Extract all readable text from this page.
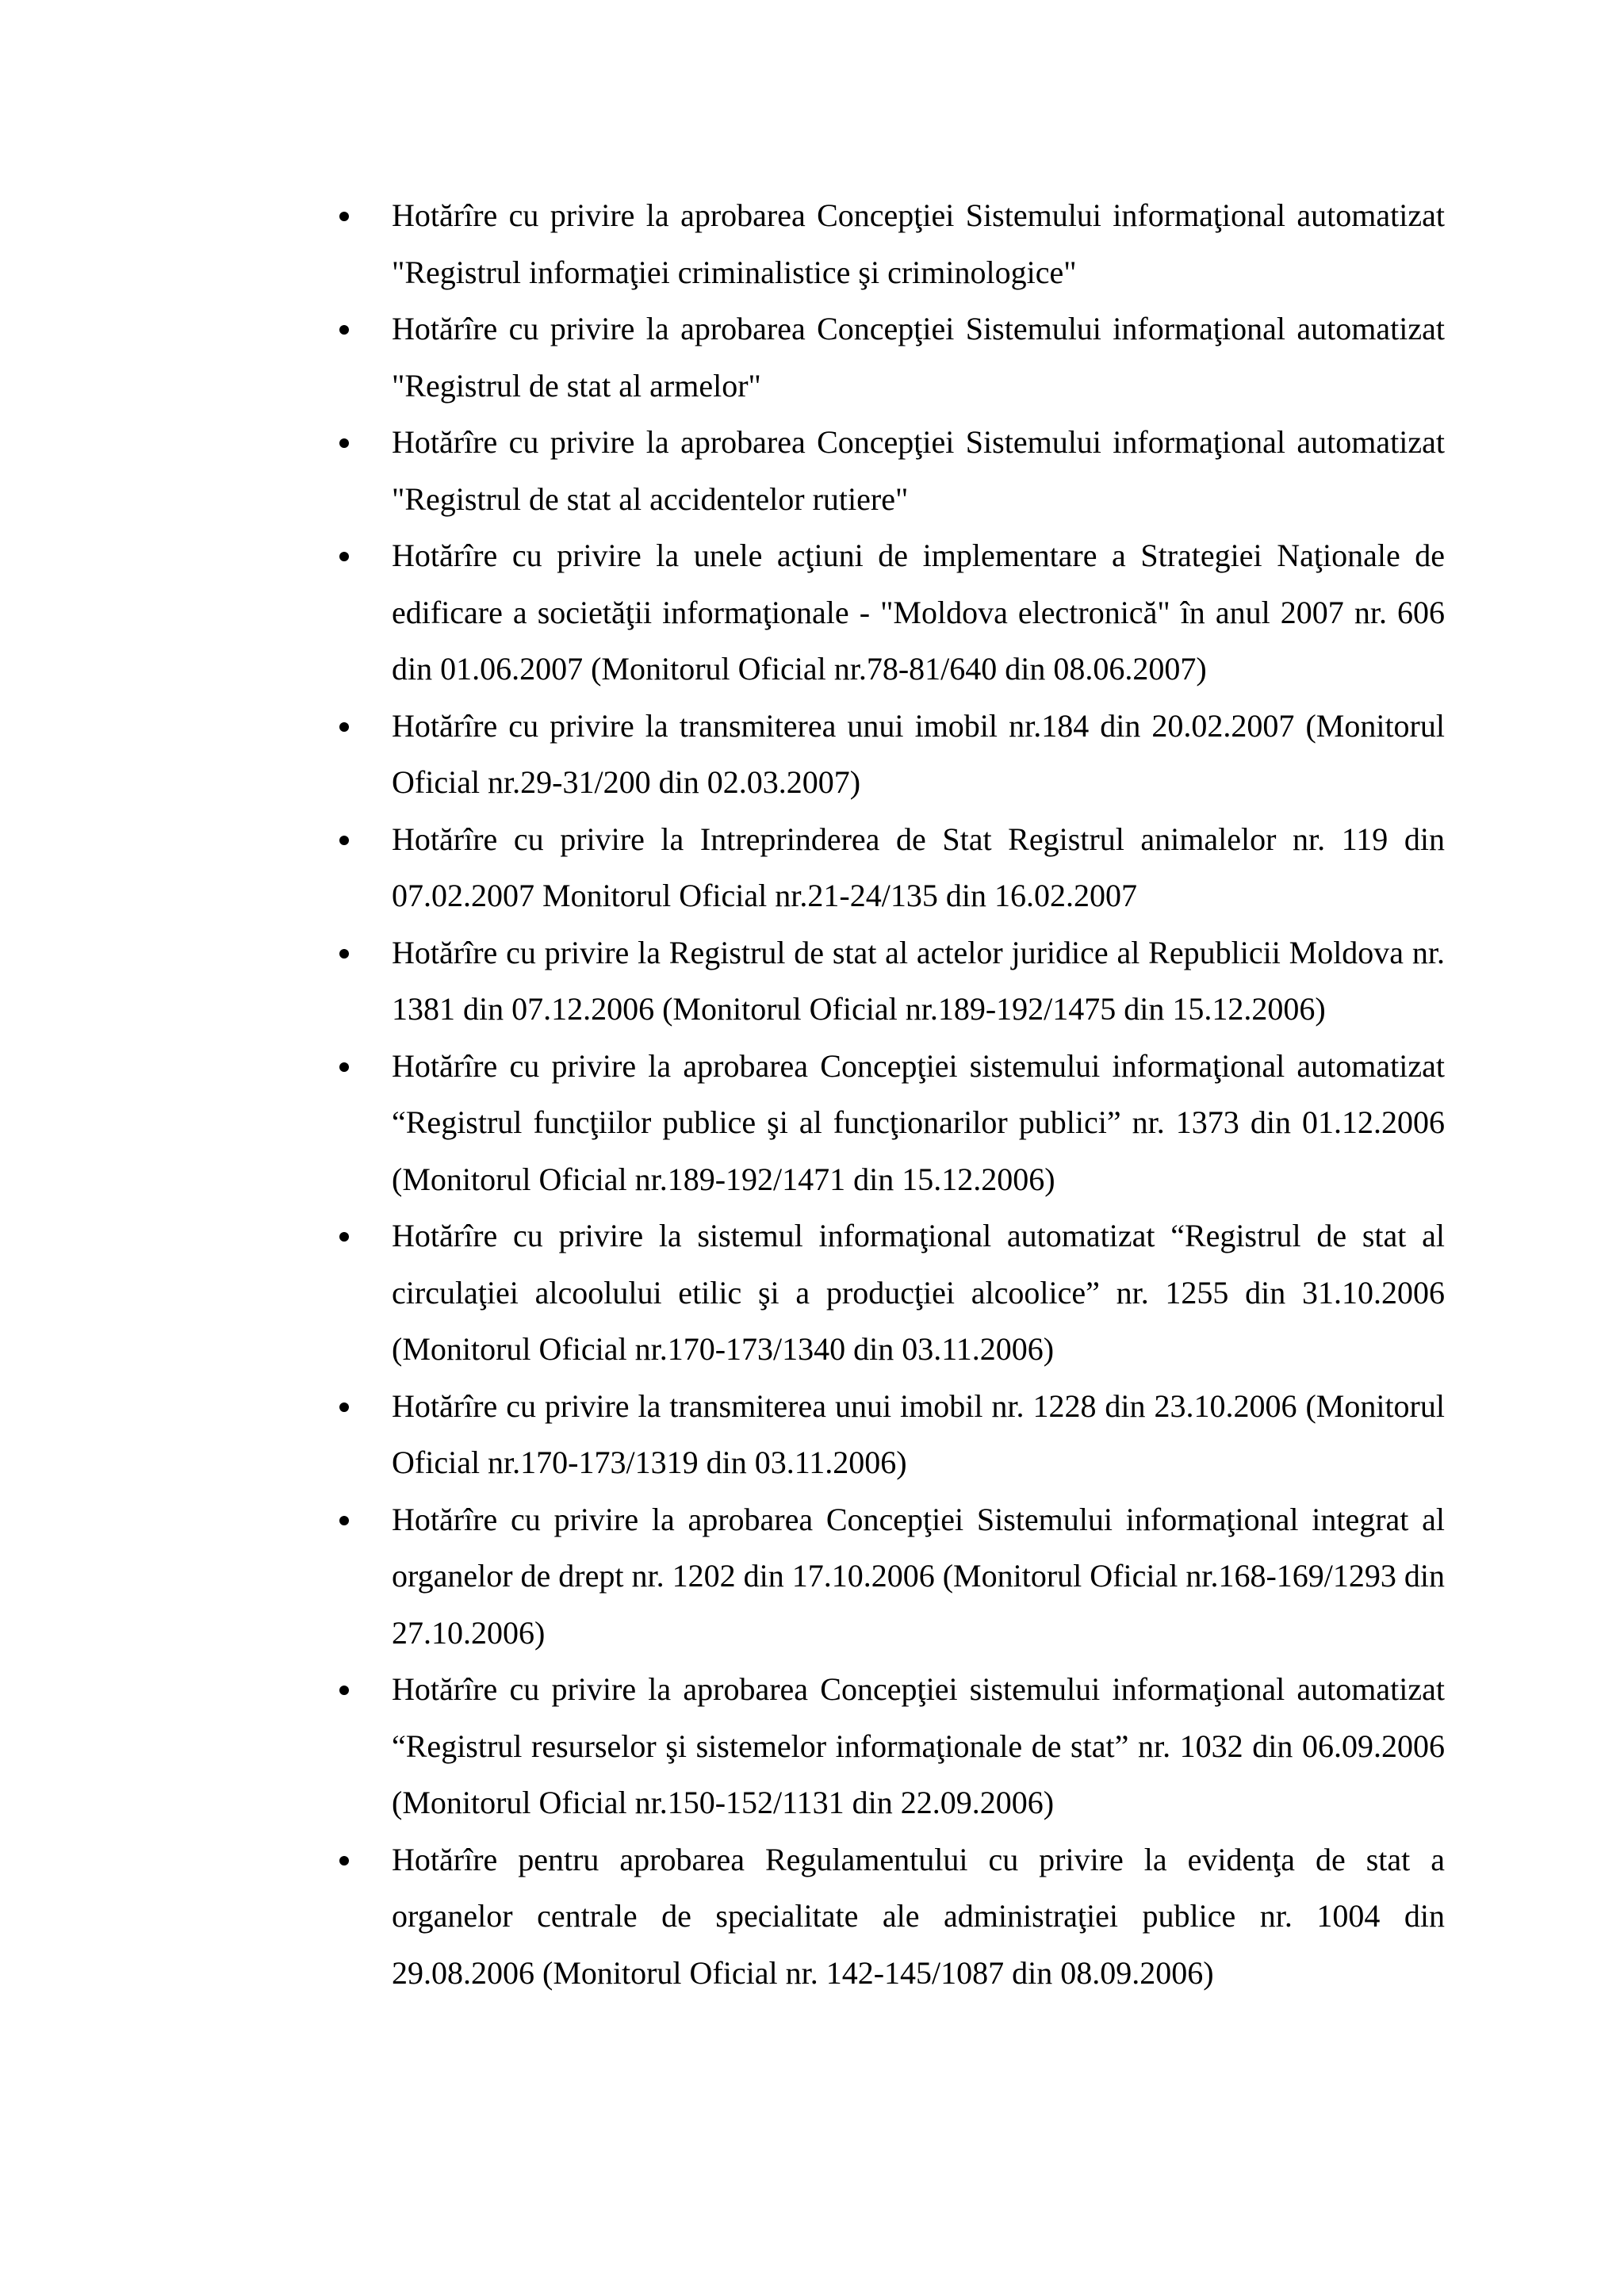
Hotărîre cu privire la aprobarea Concepţiei Sistemului informaţional automatizat "Registrul informaţiei criminalistice şi criminologice"
Hotărîre cu privire la aprobarea Concepţiei Sistemului informaţional automatizat "Registrul de stat al armelor"
Hotărîre cu privire la aprobarea Concepţiei Sistemului informaţional automatizat "Registrul de stat al accidentelor rutiere"
Hotărîre cu privire la unele acţiuni de implementare a Strategiei Naţionale de edificare a societăţii informaţionale - "Moldova electronică" în anul 2007 nr. 606 din 01.06.2007 (Monitorul Oficial nr.78-81/640 din 08.06.2007)
Hotărîre cu privire la transmiterea unui imobil nr.184 din 20.02.2007 (Monitorul Oficial nr.29-31/200 din 02.03.2007)
Hotărîre cu privire la Intreprinderea de Stat Registrul animalelor nr. 119 din 07.02.2007 Monitorul Oficial nr.21-24/135 din 16.02.2007
Hotărîre cu privire la Registrul de stat al actelor juridice al Republicii Moldova nr. 1381 din 07.12.2006 (Monitorul Oficial nr.189-192/1475 din 15.12.2006)
Hotărîre cu privire la aprobarea Concepţiei sistemului informaţional automatizat “Registrul funcţiilor publice şi al funcţionarilor publici” nr. 1373 din 01.12.2006 (Monitorul Oficial nr.189-192/1471 din 15.12.2006)
Hotărîre cu privire la sistemul informaţional automatizat “Registrul de stat al circulaţiei alcoolului etilic şi a producţiei alcoolice” nr. 1255 din 31.10.2006 (Monitorul Oficial nr.170-173/1340 din 03.11.2006)
Hotărîre cu privire la transmiterea unui imobil nr. 1228 din 23.10.2006 (Monitorul Oficial nr.170-173/1319 din 03.11.2006)
Hotărîre cu privire la aprobarea Concepţiei Sistemului informaţional integrat al organelor de drept nr. 1202 din 17.10.2006 (Monitorul Oficial nr.168-169/1293 din 27.10.2006)
Hotărîre cu privire la aprobarea Concepţiei sistemului informaţional automatizat “Registrul resurselor şi sistemelor informaţionale de stat” nr. 1032 din 06.09.2006 (Monitorul Oficial nr.150-152/1131 din 22.09.2006)
Hotărîre pentru aprobarea Regulamentului cu privire la evidenţa de stat a organelor centrale de specialitate ale administraţiei publice nr. 1004 din 29.08.2006 (Monitorul Oficial nr. 142-145/1087 din 08.09.2006)
